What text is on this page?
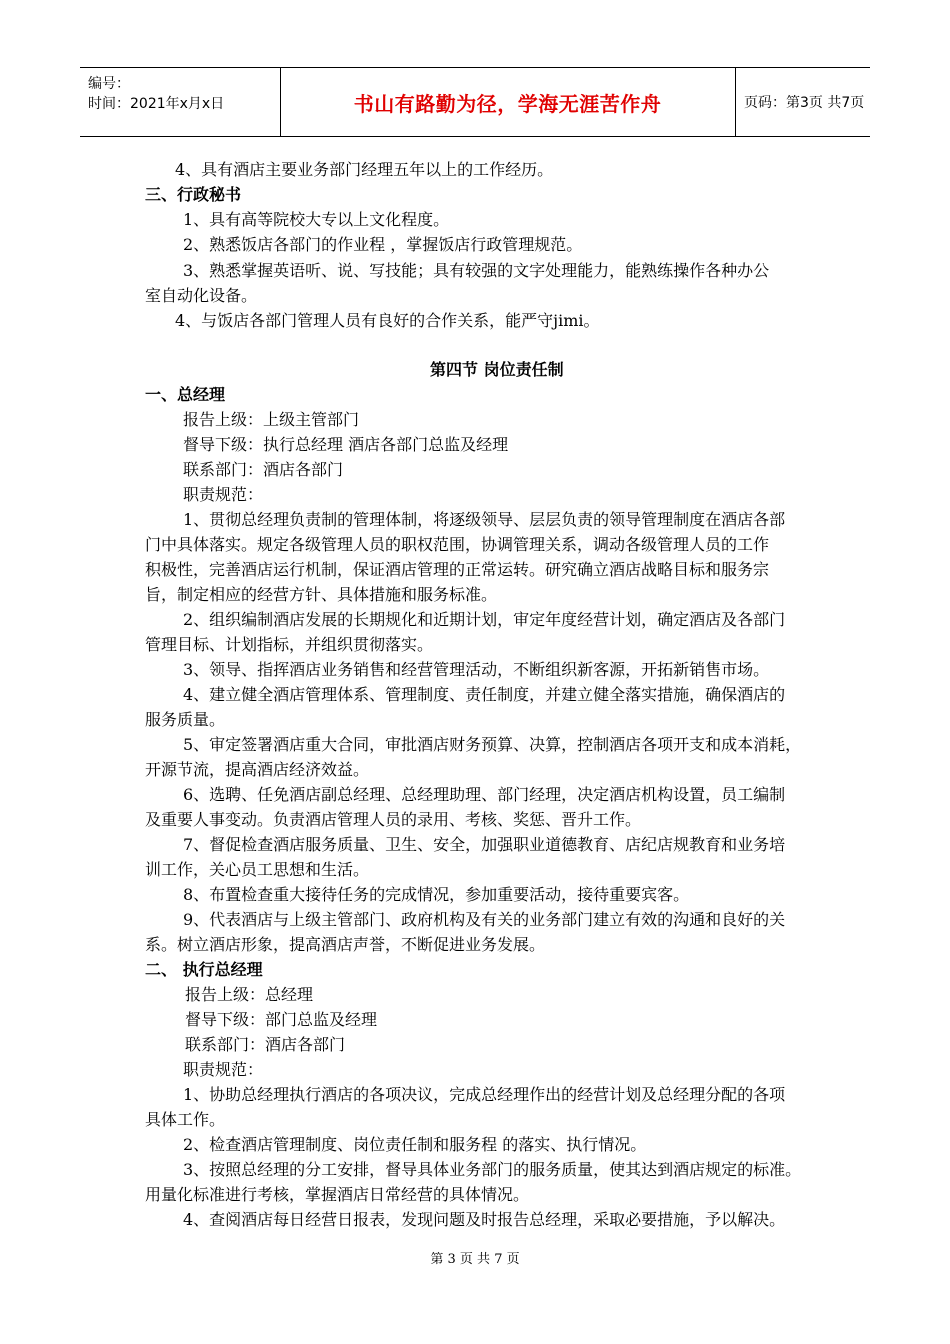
编号：
时间：2021年x月x日	书山有路勤为径，学海无涯苦作舟	页码：第3页 共7页
4、具有酒店主要业务部门经理五年以上的工作经历。
三、行政秘书
1、具有高等院校大专以上文化程度。
2、熟悉饭店各部门的作业程 ，掌握饭店行政管理规范。
3、熟悉掌握英语听、说、写技能；具有较强的文字处理能力，能熟练操作各种办公
室自动化设备。
4、与饭店各部门管理人员有良好的合作关系，能严守jimi。
第四节 岗位责任制
一、总经理
报告上级：上级主管部门
督导下级：执行总经理 酒店各部门总监及经理
联系部门：酒店各部门
职责规范：
1、贯彻总经理负责制的管理体制，将逐级领导、层层负责的领导管理制度在酒店各部
门中具体落实。规定各级管理人员的职权范围，协调管理关系，调动各级管理人员的工作
积极性，完善酒店运行机制，保证酒店管理的正常运转。研究确立酒店战略目标和服务宗
旨，制定相应的经营方针、具体措施和服务标准。
2、组织编制酒店发展的长期规化和近期计划，审定年度经营计划，确定酒店及各部门
管理目标、计划指标，并组织贯彻落实。
3、领导、指挥酒店业务销售和经营管理活动，不断组织新客源，开拓新销售市场。
4、建立健全酒店管理体系、管理制度、责任制度，并建立健全落实措施，确保酒店的
服务质量。
5、审定签署酒店重大合同，审批酒店财务预算、决算，控制酒店各项开支和成本消耗，
开源节流，提高酒店经济效益。
6、选聘、任免酒店副总经理、总经理助理、部门经理，决定酒店机构设置，员工编制
及重要人事变动。负责酒店管理人员的录用、考核、奖惩、晋升工作。
7、督促检查酒店服务质量、卫生、安全，加强职业道德教育、店纪店规教育和业务培
训工作，关心员工思想和生活。
8、布置检查重大接待任务的完成情况，参加重要活动，接待重要宾客。
9、代表酒店与上级主管部门、政府机构及有关的业务部门建立有效的沟通和良好的关
系。树立酒店形象，提高酒店声誉，不断促进业务发展。
二、 执行总经理
报告上级：总经理
督导下级：部门总监及经理
联系部门：酒店各部门
职责规范：
1、协助总经理执行酒店的各项决议，完成总经理作出的经营计划及总经理分配的各项
具体工作。
2、检查酒店管理制度、岗位责任制和服务程 的落实、执行情况。
3、按照总经理的分工安排，督导具体业务部门的服务质量，使其达到酒店规定的标准。
用量化标准进行考核，掌握酒店日常经营的具体情况。
4、查阅酒店每日经营日报表，发现问题及时报告总经理，采取必要措施，予以解决。
第 3 页 共 7 页
